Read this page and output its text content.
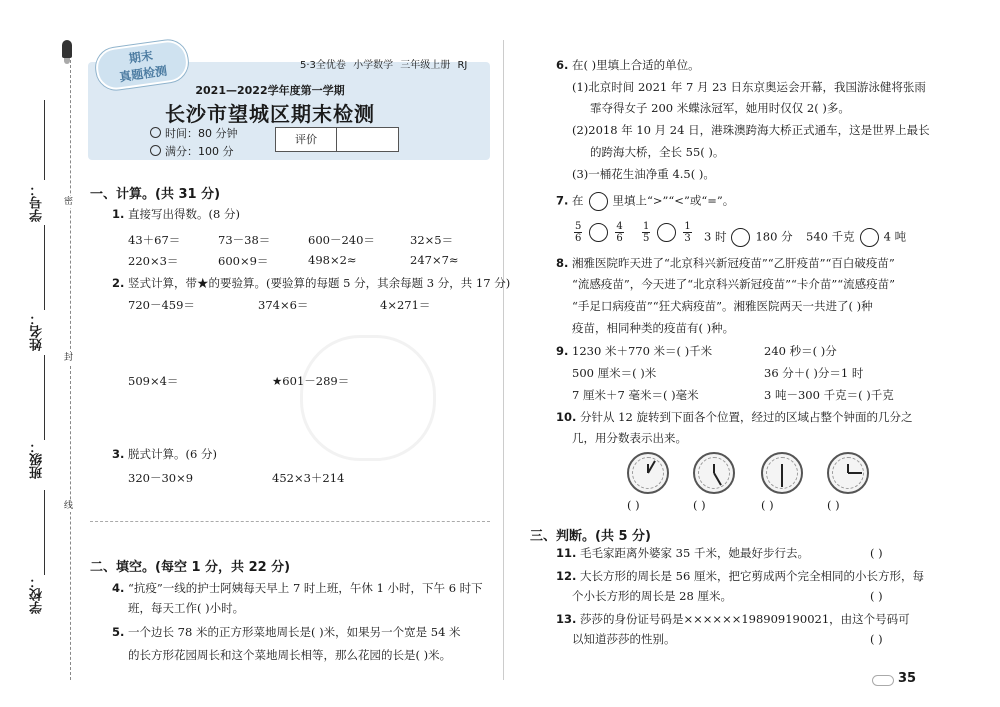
密
封
线
学号：
姓名：
班级：
学校：
期末
真题检测	5·3全优卷 小学数学 三年级上册 RJ
2021—2022学年度第一学期
长沙市望城区期末检测
时间：80 分钟
满分：100 分
评价
一、计算。(共 31 分)
1. 直接写出得数。(8 分)
43＋67＝	73－38＝	600－240＝	32×5＝
220×3＝	600×9＝	498×2≈	247×7≈
2. 竖式计算，带★的要验算。(要验算的每题 5 分，其余每题 3 分，共 17 分)
720－459＝	374×6＝	4×271＝
509×4＝	★601－289＝
3. 脱式计算。(6 分)
320－30×9	452×3＋214
二、填空。(每空 1 分，共 22 分)
4. “抗疫”一线的护士阿姨每天早上 7 时上班，午休 1 小时，下午 6 时下
班，每天工作( )小时。
5. 一个边长 78 米的正方形菜地周长是( )米，如果另一个宽是 54 米
的长方形花园周长和这个菜地周长相等，那么花园的长是( )米。
6. 在( )里填上合适的单位。
(1)北京时间 2021 年 7 月 23 日东京奥运会开幕，我国游泳健将张雨
霏夺得女子 200 米蝶泳冠军，她用时仅仅 2( )多。
(2)2018 年 10 月 24 日，港珠澳跨海大桥正式通车，这是世界上最长
的跨海大桥，全长 55( )。
(3)一桶花生油净重 4.5( )。
7. 在	里填上“>”“<”或“=”。
$\frac{5}{6}$	$\frac{4}{6} \frac{1}{5}$	$\frac{1}{3} 3$ 时	180 分 540 千克	4 吨
8. 湘雅医院昨天进了“北京科兴新冠疫苗”“乙肝疫苗”“百白破疫苗”
“流感疫苗”，今天进了“北京科兴新冠疫苗”“卡介苗”“流感疫苗”
“手足口病疫苗”“狂犬病疫苗”。湘雅医院两天一共进了( )种
疫苗，相同种类的疫苗有( )种。
9. 1230 米＋770 米＝( )千米	240 秒＝( )分
500 厘米＝( )米	36 分＋( )分＝1 时
7 厘米＋7 毫米＝( )毫米	3 吨－300 千克＝( )千克
10. 分针从 12 旋转到下面各个位置，经过的区域占整个钟面的几分之
几，用分数表示出来。
( )	( )	( )	( )
三、判断。(共 5 分)
11. 毛毛家距离外婆家 35 千米，她最好步行去。	( )
12. 大长方形的周长是 56 厘米，把它剪成两个完全相同的小长方形，每
个小长方形的周长是 28 厘米。	( )
13. 莎莎的身份证号码是××××××198909190021，由这个号码可
以知道莎莎的性别。	( )
35
